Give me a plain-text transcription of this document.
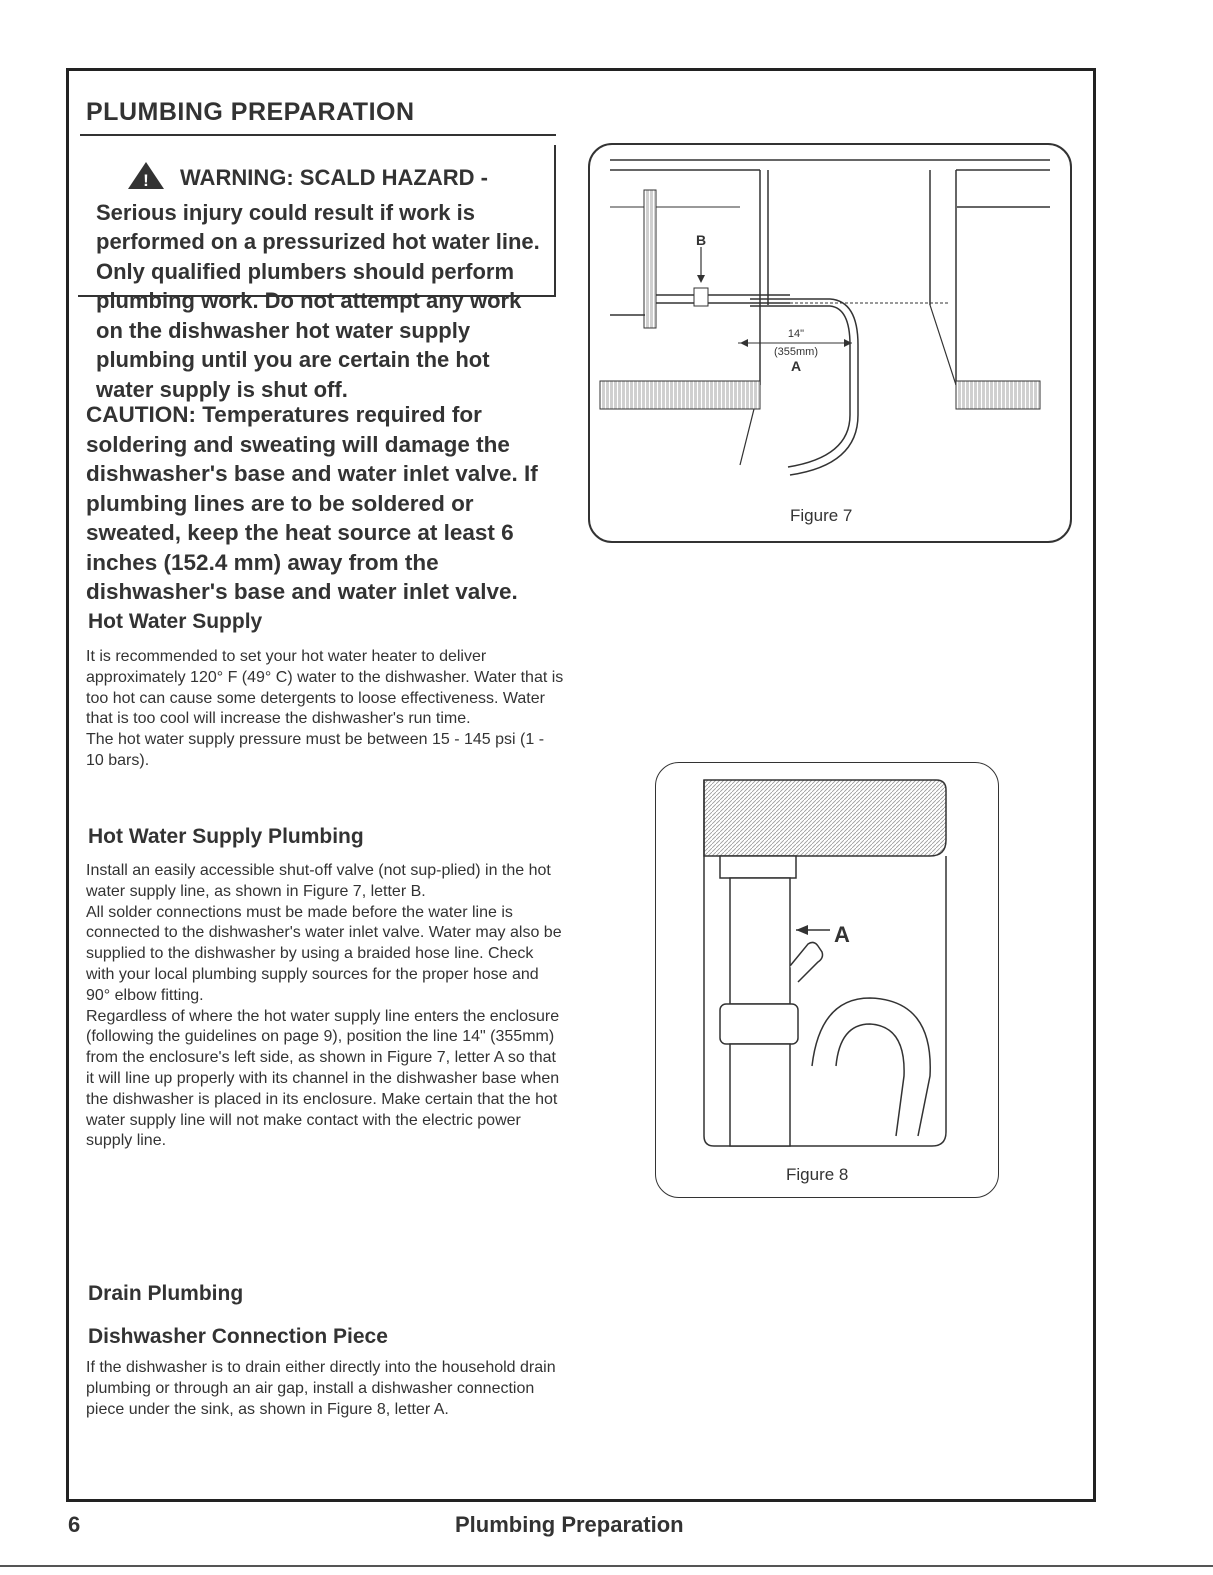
PLUMBING PREPARATION
! WARNING: SCALD HAZARD - Serious injury could result if work is performed on a pressurized hot water line. Only qualified plumbers should perform plumbing work. Do not attempt any work on the dishwasher hot water supply plumbing until you are certain the hot water supply is shut off.
CAUTION: Temperatures required for soldering and sweating will damage the dishwasher's base and water inlet valve. If plumbing lines are to be soldered or sweated, keep the heat source at least 6 inches (152.4 mm) away from the dishwasher's base and water inlet valve.
Hot Water Supply

It is recommended to set your hot water heater to deliver approximately 120° F (49° C) water to the dishwasher. Water that is too hot can cause some detergents to loose effectiveness. Water that is too cool will increase the dishwasher's run time.

The hot water supply pressure must be between 15 - 145 psi (1 - 10 bars).

Hot Water Supply Plumbing

Install an easily accessible shut-off valve (not sup-plied) in the hot water supply line, as shown in Figure 7, letter B.

All solder connections must be made before the water line is connected to the dishwasher's water inlet valve. Water may also be supplied to the dishwasher by using a braided hose line. Check with your local plumbing supply sources for the proper hose and 90° elbow fitting.

Regardless of where the hot water supply line enters the enclosure (following the guidelines on page 9), position the line 14" (355mm) from the enclosure's left side, as shown in Figure 7, letter A so that it will line up properly with its channel in the dishwasher base when the dishwasher is placed in its enclosure. Make certain that the hot water supply line will not make contact with the electric power supply line.

Drain Plumbing
Dishwasher Connection Piece

If the dishwasher is to drain either directly into the household drain plumbing or through an air gap, install a dishwasher connection piece under the sink, as shown in Figure 8, letter A.

B
14"
(355mm)
A
Figure 7
A
Figure 8
6	Plumbing Preparation
